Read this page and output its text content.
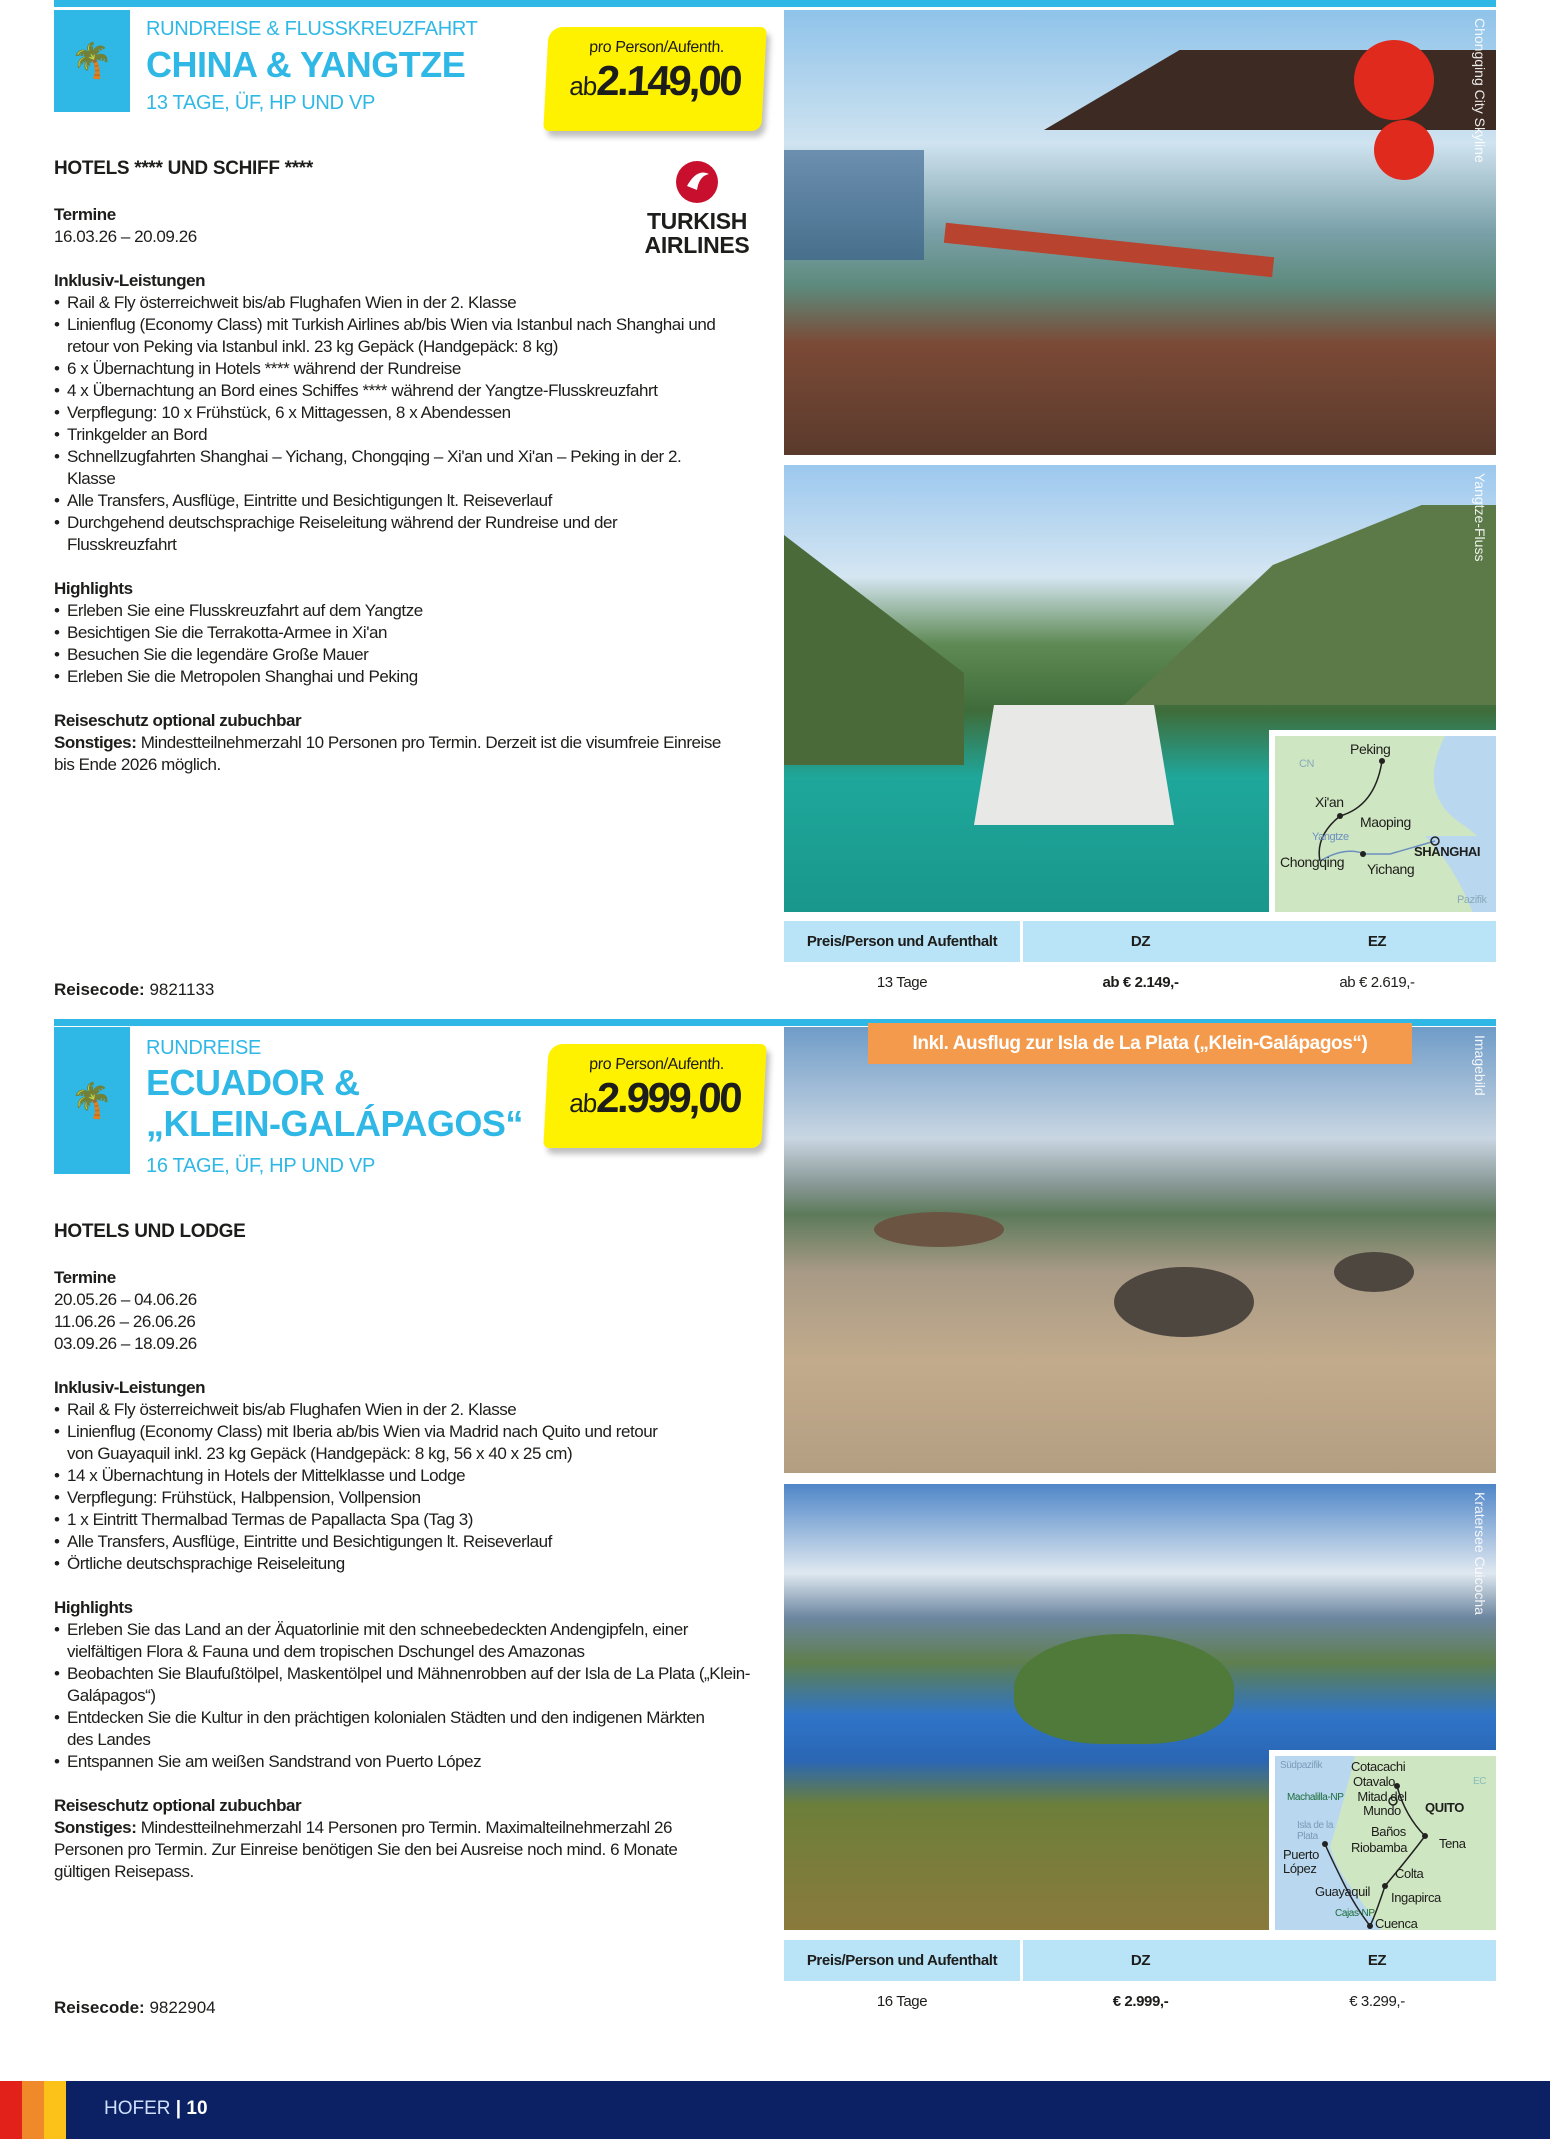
🌴
RUNDREISE & FLUSSKREUZFAHRT
CHINA & YANGTZE
13 TAGE, ÜF, HP UND VP
pro Person/Aufenth.
ab2.149,00
HOTELS **** UND SCHIFF ****
TURKISH AIRLINES
Termine
16.03.26 – 20.09.26
Inklusiv-Leistungen
• Rail & Fly österreichweit bis/ab Flughafen Wien in der 2. Klasse
• Linienflug (Economy Class) mit Turkish Airlines ab/bis Wien via Istanbul nach Shanghai und retour von Peking via Istanbul inkl. 23 kg Gepäck (Handgepäck: 8 kg)
• 6 x Übernachtung in Hotels **** während der Rundreise
• 4 x Übernachtung an Bord eines Schiffes **** während der Yangtze-Flusskreuzfahrt
• Verpflegung: 10 x Frühstück, 6 x Mittagessen, 8 x Abendessen
• Trinkgelder an Bord
• Schnellzugfahrten Shanghai – Yichang, Chongqing – Xi'an und Xi'an – Peking in der 2. Klasse
• Alle Transfers, Ausflüge, Eintritte und Besichtigungen lt. Reiseverlauf
• Durchgehend deutschsprachige Reiseleitung während der Rundreise und der Flusskreuzfahrt
Highlights
• Erleben Sie eine Flusskreuzfahrt auf dem Yangtze
• Besichtigen Sie die Terrakotta-Armee in Xi'an
• Besuchen Sie die legendäre Große Mauer
• Erleben Sie die Metropolen Shanghai und Peking
Reiseschutz optional zubuchbar
Sonstiges: Mindestteilnehmerzahl 10 Personen pro Termin. Derzeit ist die visumfreie Einreise bis Ende 2026 möglich.
Chongqing City Skyline
Yangtze-Fluss
Peking
CN
Xi'an
Maoping
Yangtze
Chongqing Yichang
SHANGHAI
Pazifik
Preis/Person und Aufenthalt	DZ	EZ
13 Tage	ab € 2.149,-	ab € 2.619,-
Reisecode: 9821133
🌴
RUNDREISE
ECUADOR &
„KLEIN-GALÁPAGOS“
16 TAGE, ÜF, HP UND VP
pro Person/Aufenth.
ab2.999,00
HOTELS UND LODGE
Termine
20.05.26 – 04.06.26
11.06.26 – 26.06.26
03.09.26 – 18.09.26
Inklusiv-Leistungen
• Rail & Fly österreichweit bis/ab Flughafen Wien in der 2. Klasse
• Linienflug (Economy Class) mit Iberia ab/bis Wien via Madrid nach Quito und retour von Guayaquil inkl. 23 kg Gepäck (Handgepäck: 8 kg, 56 x 40 x 25 cm)
• 14 x Übernachtung in Hotels der Mittelklasse und Lodge
• Verpflegung: Frühstück, Halbpension, Vollpension
• 1 x Eintritt Thermalbad Termas de Papallacta Spa (Tag 3)
• Alle Transfers, Ausflüge, Eintritte und Besichtigungen lt. Reiseverlauf
• Örtliche deutschsprachige Reiseleitung
Highlights
• Erleben Sie das Land an der Äquatorlinie mit den schneebedeckten Andengipfeln, einer vielfältigen Flora & Fauna und dem tropischen Dschungel des Amazonas
• Beobachten Sie Blaufußtölpel, Maskentölpel und Mähnenrobben auf der Isla de La Plata („Klein-Galápagos“)
• Entdecken Sie die Kultur in den prächtigen kolonialen Städten und den indigenen Märkten des Landes
• Entspannen Sie am weißen Sandstrand von Puerto López
Reiseschutz optional zubuchbar
Sonstiges: Mindestteilnehmerzahl 14 Personen pro Termin. Maximalteilnehmerzahl 26 Personen pro Termin. Zur Einreise benötigen Sie den bei Ausreise noch mind. 6 Monate gültigen Reisepass.
Imagebild
Inkl. Ausflug zur Isla de La Plata („Klein-Galápagos“)
Kratersee Cuicocha
Südpazifik Cotacachi
Otavalo	EC
Machalilla-NP	Mitad del Mundo	QUITO
Isla de la Plata	Baños
Tena
Riobamba
Puerto López	Colta
Guayaquil Ingapirca
Cajas-NP
Cuenca
Preis/Person und Aufenthalt	DZ	EZ
16 Tage	€ 2.999,-	€ 3.299,-
Reisecode: 9822904
HOFER | 10
